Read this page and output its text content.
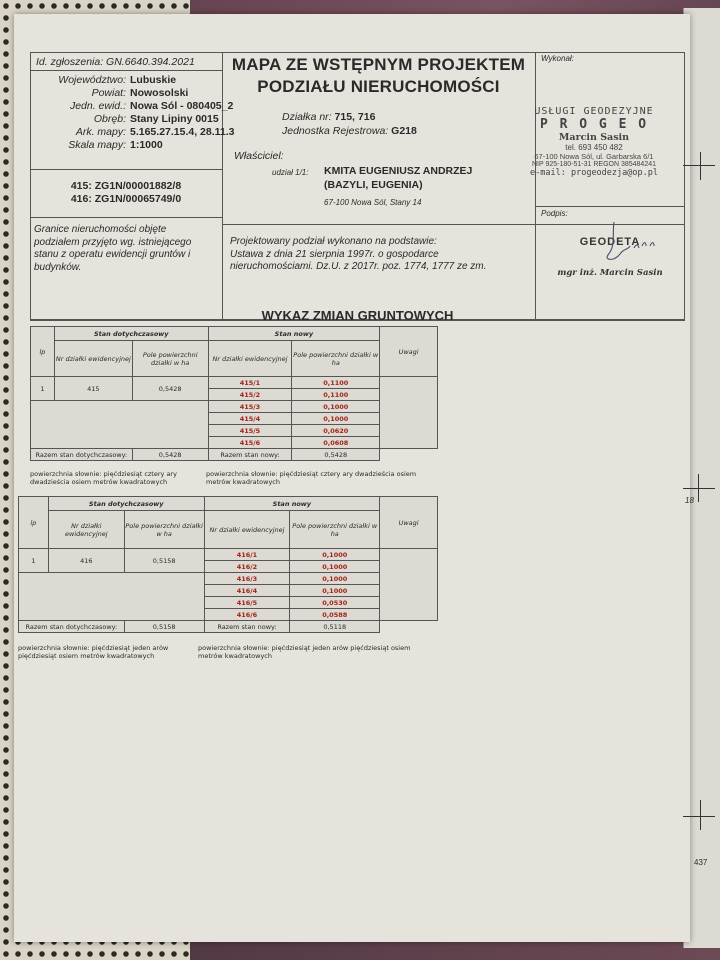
Id. zgłoszenia: GN.6640.394.2021
Województwo: Lubuskie
Powiat: Nowosolski
Jedn. ewid.: Nowa Sól - 080405_2
Obręb: Stany Lipiny 0015
Ark. mapy: 5.165.27.15.4, 28.11.3
Skala mapy: 1:1000
415: ZG1N/00001882/8
416: ZG1N/00065749/0
Granice nieruchomości objęte
podziałem przyjęto wg. istniejącego
stanu z operatu ewidencji gruntów i
budynków.
MAPA ZE WSTĘPNYM PROJEKTEM
PODZIAŁU NIERUCHOMOŚCI
Działka nr: 715, 716
Jednostka Rejestrowa: G218
Właściciel:
udział 1/1: KMITA EUGENIUSZ ANDRZEJ
(BAZYLI, EUGENIA)
67-100 Nowa Sól, Stany 14
Projektowany podział wykonano na podstawie:
Ustawa z dnia 21 sierpnia 1997r. o gospodarce
nieruchomościami. Dz.U. z 2017r. poz. 1774, 1777 ze zm.
Wykonał:
USŁUGI GEODEZYJNE
P R O G E O
Marcin Sasin
tel. 693 450 482
67-100 Nowa Sól, ul. Garbarska 6/1
NIP 925-180-51-31 REGON 385484241
e-mail: progeodezja@op.pl
Podpis:
GEODETA
mgr inż. Marcin Sasin
WYKAZ ZMIAN GRUNTOWYCH
lp	Stan dotychczasowy		Stan nowy		Uwagi
	Nr działki ewidencyjnej	Pole powierzchni działki w ha	Nr działki ewidencyjnej	Pole powierzchni działki w ha	
1	415	0,5428	415/1	0,1100	
			415/2	0,1100	
			415/3	0,1000	
			415/4	0,1000	
			415/5	0,0620	
			415/6	0,0608	
Razem stan dotychczasowy:		0,5428	Razem stan nowy:	0,5428	
powierzchnia słownie: pięćdziesiąt cztery ary
dwadzieścia osiem metrów kwadratowych
powierzchnia słownie: pięćdziesiąt cztery ary dwadzieścia osiem
metrów kwadratowych
lp	Stan dotychczasowy		Stan nowy		Uwagi
	Nr działki ewidencyjnej	Pole powierzchni działki w ha	Nr działki ewidencyjnej	Pole powierzchni działki w ha	
1	416	0,5158	416/1	0,1000	
			416/2	0,1000	
			416/3	0,1000	
			416/4	0,1000	
			416/5	0,0530	
			416/6	0,0588	
Razem stan dotychczasowy:		0,5158	Razem stan nowy:	0,5118	
powierzchnia słownie: pięćdziesiąt jeden arów
pięćdziesiąt osiem metrów kwadratowych
powierzchnia słownie: pięćdziesiąt jeden arów pięćdziesiąt osiem
metrów kwadratowych
18
437
